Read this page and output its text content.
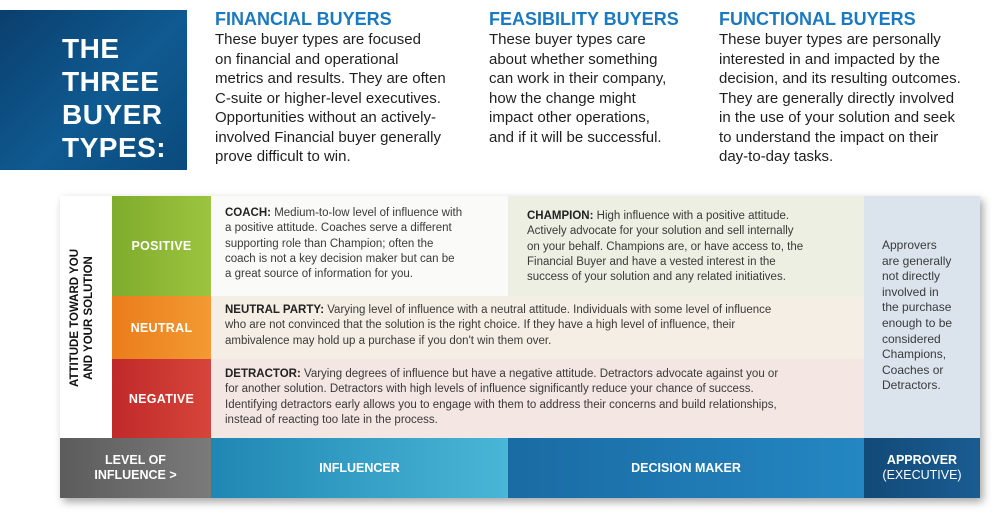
THE
THREE
BUYER
TYPES:
FINANCIAL BUYERS
These buyer types are focused
on financial and operational
metrics and results. They are often
C-suite or higher-level executives.
Opportunities without an actively-
involved Financial buyer generally
prove difficult to win.
FEASIBILITY BUYERS
These buyer types care
about whether something
can work in their company,
how the change might
impact other operations,
and if it will be successful.
FUNCTIONAL BUYERS
These buyer types are personally
interested in and impacted by the
decision, and its resulting outcomes.
They are generally directly involved
in the use of your solution and seek
to understand the impact on their
day-to-day tasks.
ATTITUDE TOWARD YOU AND YOUR SOLUTION
POSITIVE
NEUTRAL
NEGATIVE
COACH: Medium-to-low level of influence with
a positive attitude. Coaches serve a different
supporting role than Champion; often the
coach is not a key decision maker but can be
a great source of information for you.
CHAMPION: High influence with a positive attitude.
Actively advocate for your solution and sell internally
on your behalf. Champions are, or have access to, the
Financial Buyer and have a vested interest in the
success of your solution and any related initiatives.
NEUTRAL PARTY: Varying level of influence with a neutral attitude. Individuals with some level of influence
who are not convinced that the solution is the right choice. If they have a high level of influence, their
ambivalence may hold up a purchase if you don't win them over.
DETRACTOR: Varying degrees of influence but have a negative attitude. Detractors advocate against you or
for another solution. Detractors with high levels of influence significantly reduce your chance of success.
Identifying detractors early allows you to engage with them to address their concerns and build relationships,
instead of reacting too late in the process.
Approvers
are generally
not directly
involved in
the purchase
enough to be
considered
Champions,
Coaches or
Detractors.
LEVEL OF
INFLUENCE >
INFLUENCER	DECISION MAKER
APPROVER
(EXECUTIVE)
